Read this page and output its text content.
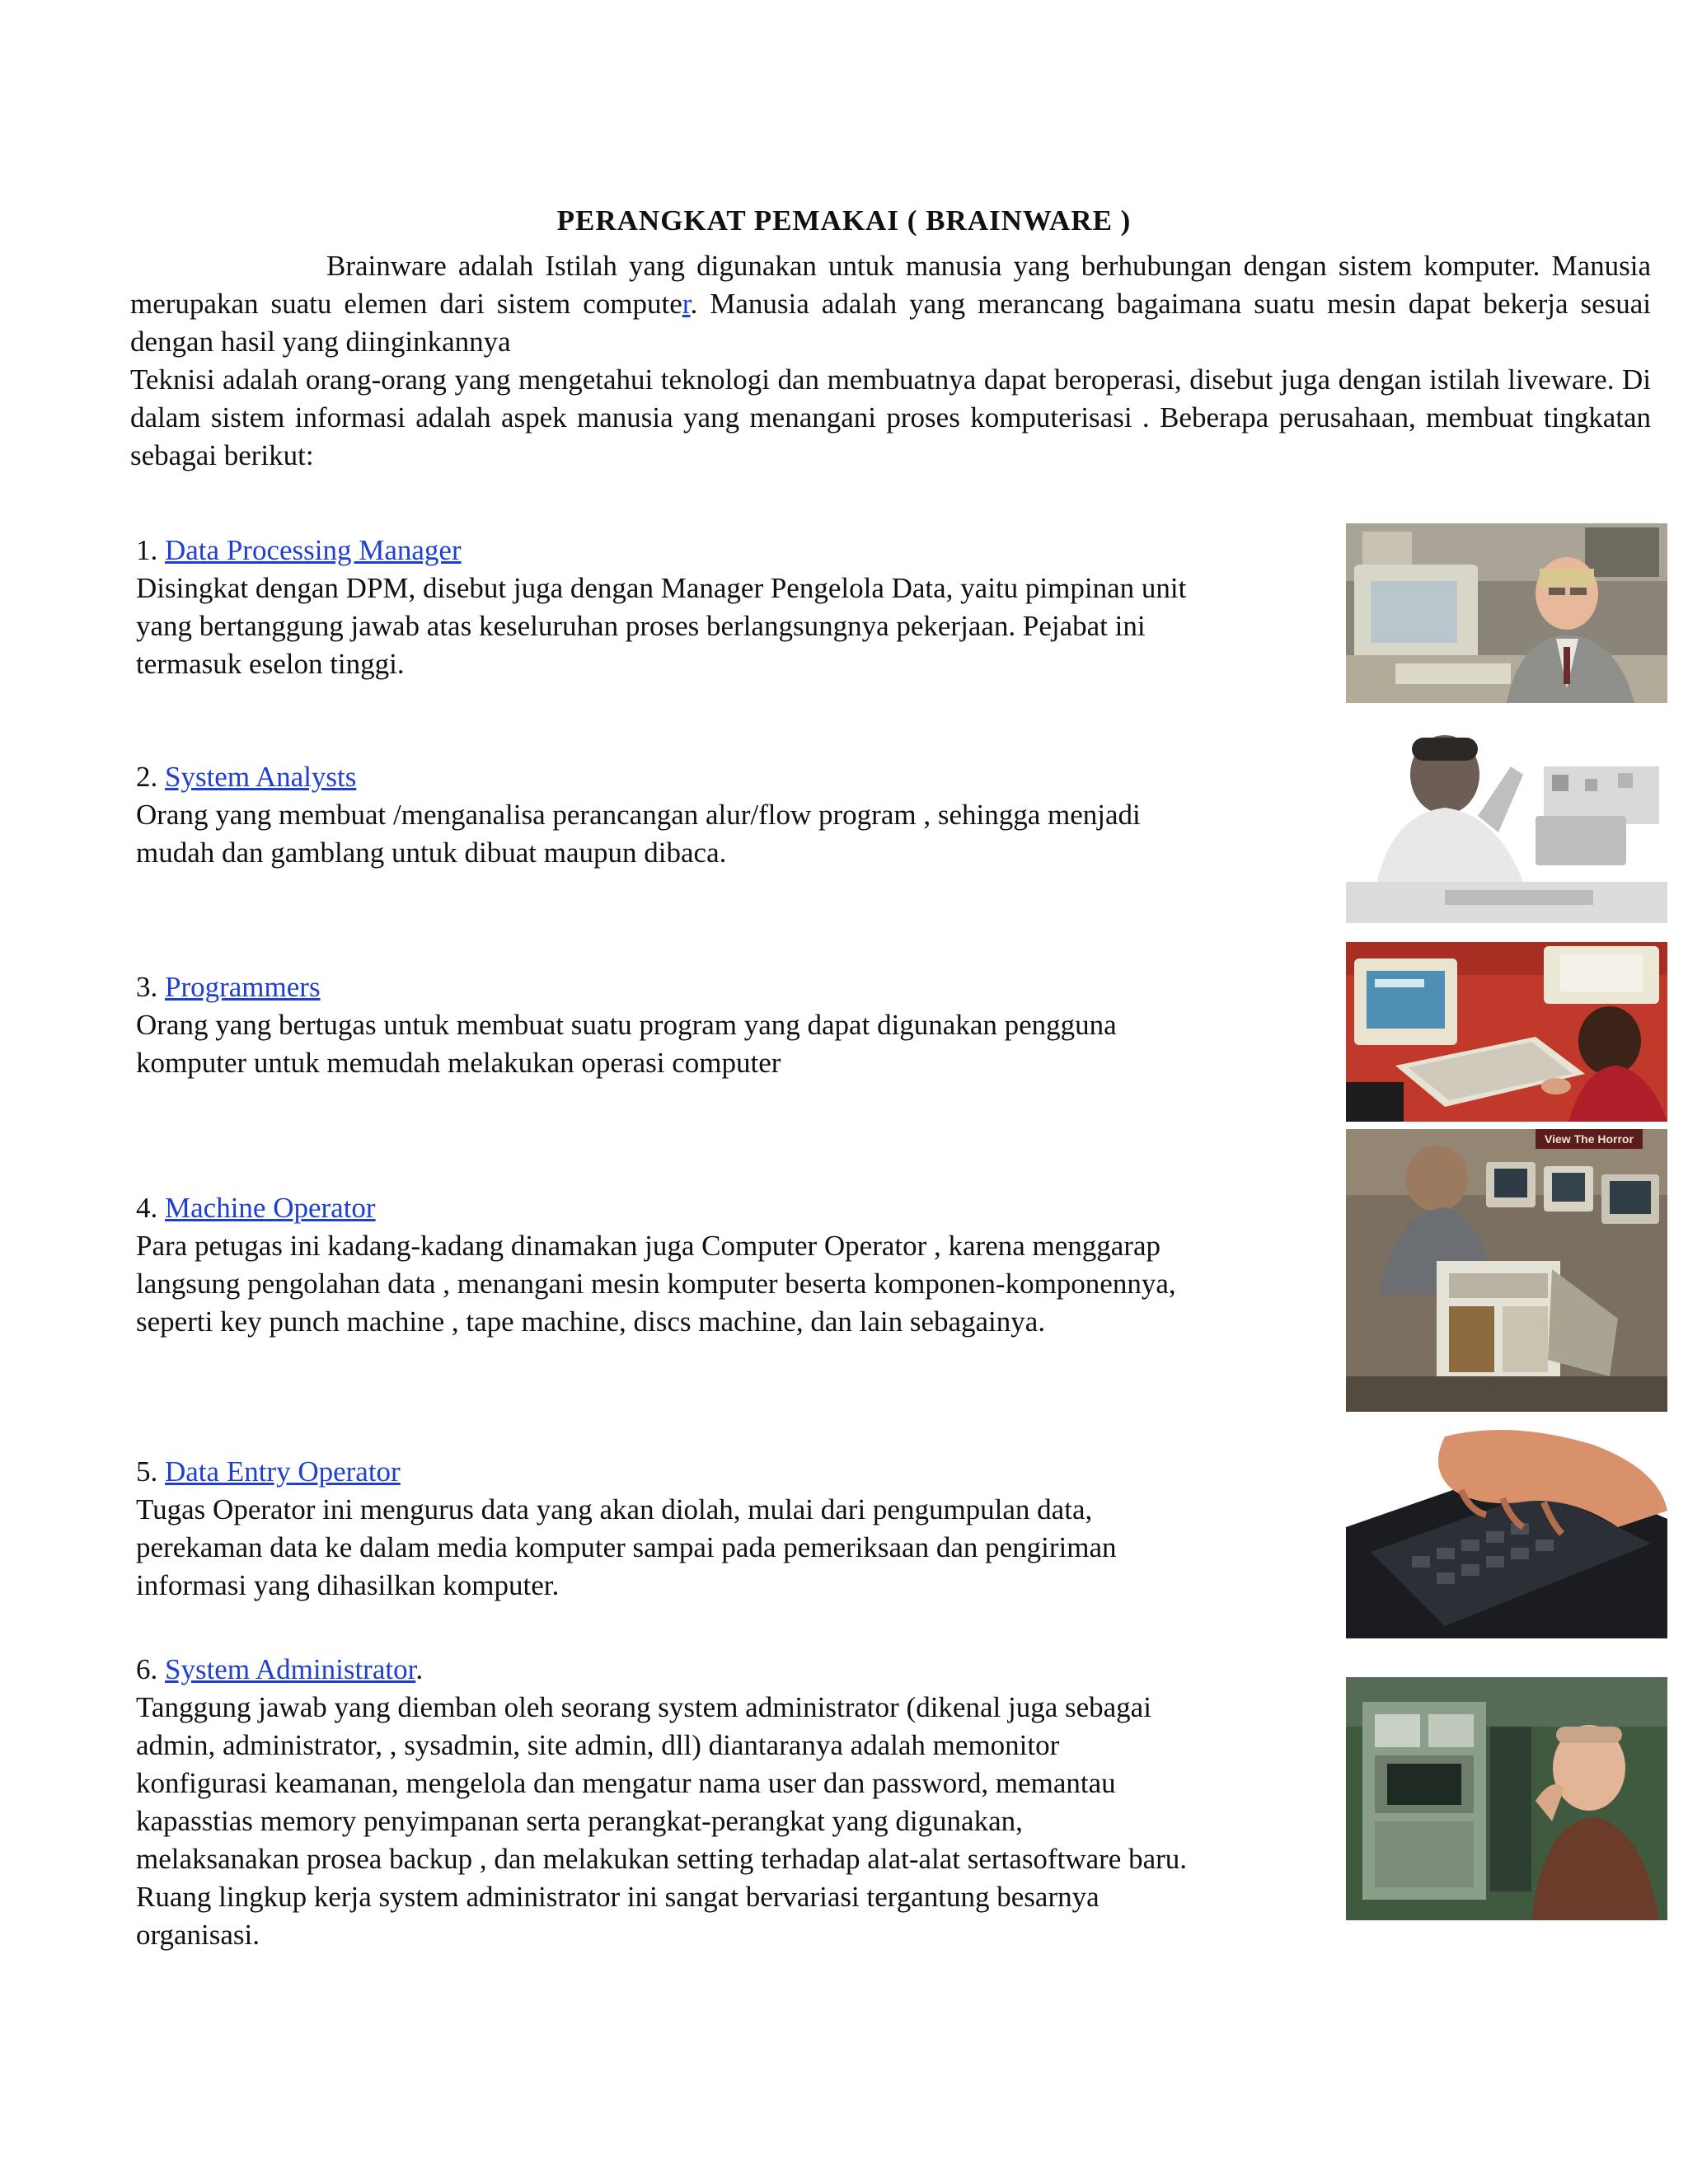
PERANGKAT PEMAKAI ( BRAINWARE )

Brainware adalah Istilah yang digunakan untuk manusia yang berhubungan dengan sistem komputer. Manusia merupakan suatu elemen dari sistem computer. Manusia adalah yang merancang bagaimana suatu mesin dapat bekerja sesuai dengan hasil yang diinginkannya

Teknisi adalah orang-orang yang mengetahui teknologi dan membuatnya dapat beroperasi, disebut juga dengan istilah liveware. Di dalam sistem informasi adalah aspek manusia yang menangani proses komputerisasi . Beberapa perusahaan, membuat tingkatan sebagai berikut:

1. Data Processing Manager

Disingkat dengan DPM, disebut juga dengan Manager Pengelola Data, yaitu pimpinan unit

yang bertanggung jawab atas keseluruhan proses berlangsungnya pekerjaan. Pejabat ini

termasuk eselon tinggi.

2. System Analysts

Orang yang membuat /menganalisa perancangan alur/flow program , sehingga menjadi

mudah dan gamblang untuk dibuat maupun dibaca.

3. Programmers

Orang yang bertugas untuk membuat suatu program yang dapat digunakan pengguna

komputer untuk memudah melakukan operasi computer

4. Machine Operator

Para petugas ini kadang-kadang dinamakan juga Computer Operator , karena menggarap

langsung pengolahan data , menangani mesin komputer beserta komponen-komponennya,

seperti key punch machine , tape machine, discs machine, dan lain sebagainya.

5. Data Entry Operator

Tugas Operator ini mengurus data yang akan diolah, mulai dari pengumpulan data,

perekaman data ke dalam media komputer sampai pada pemeriksaan dan pengiriman

informasi yang dihasilkan komputer.

6. System Administrator.

Tanggung jawab yang diemban oleh seorang system administrator (dikenal juga sebagai

admin, administrator, , sysadmin, site admin, dll) diantaranya adalah memonitor

konfigurasi keamanan, mengelola dan mengatur nama user dan password, memantau

kapasstias memory penyimpanan serta perangkat-perangkat yang digunakan,

melaksanakan prosea backup , dan melakukan setting terhadap alat-alat sertasoftware baru.

Ruang lingkup kerja system administrator ini sangat bervariasi tergantung besarnya

organisasi.

View The Horror
